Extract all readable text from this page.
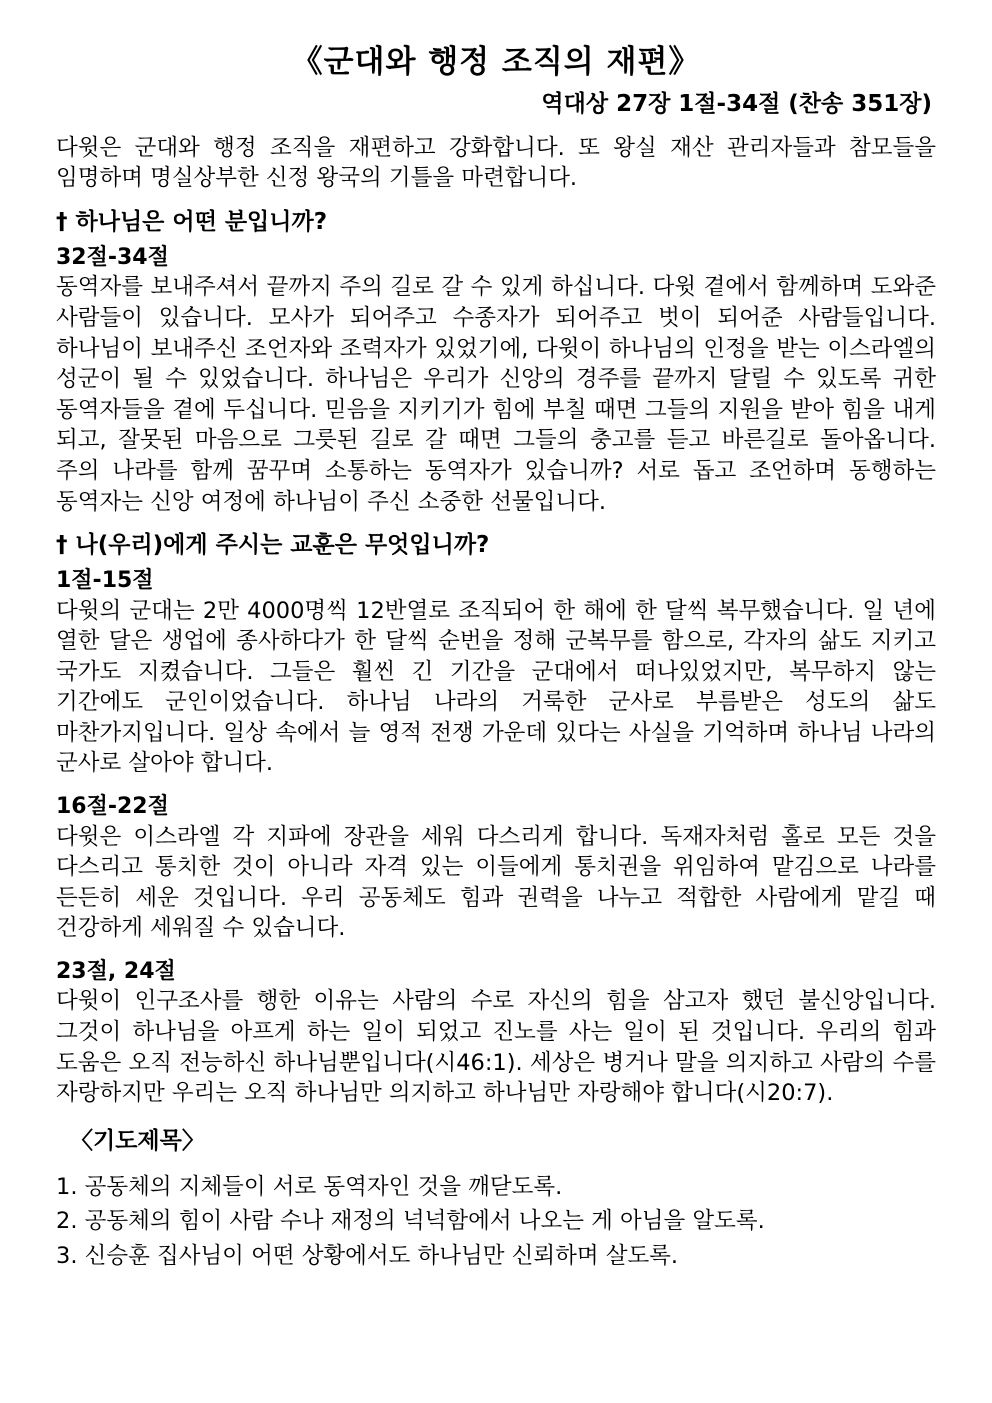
《군대와 행정 조직의 재편》
역대상 27장 1절-34절 (찬송 351장)

다윗은 군대와 행정 조직을 재편하고 강화합니다. 또 왕실 재산 관리자들과 참모들을 임명하며 명실상부한 신정 왕국의 기틀을 마련합니다.

† 하나님은 어떤 분입니까?
32절-34절

동역자를 보내주셔서 끝까지 주의 길로 갈 수 있게 하십니다. 다윗 곁에서 함께하며 도와준 사람들이 있습니다. 모사가 되어주고 수종자가 되어주고 벗이 되어준 사람들입니다. 하나님이 보내주신 조언자와 조력자가 있었기에, 다윗이 하나님의 인정을 받는 이스라엘의 성군이 될 수 있었습니다. 하나님은 우리가 신앙의 경주를 끝까지 달릴 수 있도록 귀한 동역자들을 곁에 두십니다. 믿음을 지키기가 힘에 부칠 때면 그들의 지원을 받아 힘을 내게 되고, 잘못된 마음으로 그릇된 길로 갈 때면 그들의 충고를 듣고 바른길로 돌아옵니다. 주의 나라를 함께 꿈꾸며 소통하는 동역자가 있습니까? 서로 돕고 조언하며 동행하는 동역자는 신앙 여정에 하나님이 주신 소중한 선물입니다.

† 나(우리)에게 주시는 교훈은 무엇입니까?
1절-15절

다윗의 군대는 2만 4000명씩 12반열로 조직되어 한 해에 한 달씩 복무했습니다. 일 년에 열한 달은 생업에 종사하다가 한 달씩 순번을 정해 군복무를 함으로, 각자의 삶도 지키고 국가도 지켰습니다. 그들은 훨씬 긴 기간을 군대에서 떠나있었지만, 복무하지 않는 기간에도 군인이었습니다. 하나님 나라의 거룩한 군사로 부름받은 성도의 삶도 마찬가지입니다. 일상 속에서 늘 영적 전쟁 가운데 있다는 사실을 기억하며 하나님 나라의 군사로 살아야 합니다.

16절-22절

다윗은 이스라엘 각 지파에 장관을 세워 다스리게 합니다. 독재자처럼 홀로 모든 것을 다스리고 통치한 것이 아니라 자격 있는 이들에게 통치권을 위임하여 맡김으로 나라를 든든히 세운 것입니다. 우리 공동체도 힘과 권력을 나누고 적합한 사람에게 맡길 때 건강하게 세워질 수 있습니다.

23절, 24절

다윗이 인구조사를 행한 이유는 사람의 수로 자신의 힘을 삼고자 했던 불신앙입니다. 그것이 하나님을 아프게 하는 일이 되었고 진노를 사는 일이 된 것입니다. 우리의 힘과 도움은 오직 전능하신 하나님뿐입니다(시46:1). 세상은 병거나 말을 의지하고 사람의 수를 자랑하지만 우리는 오직 하나님만 의지하고 하나님만 자랑해야 합니다(시20:7).

〈기도제목〉
1. 공동체의 지체들이 서로 동역자인 것을 깨닫도록.
2. 공동체의 힘이 사람 수나 재정의 넉넉함에서 나오는 게 아님을 알도록.
3. 신승훈 집사님이 어떤 상황에서도 하나님만 신뢰하며 살도록.
